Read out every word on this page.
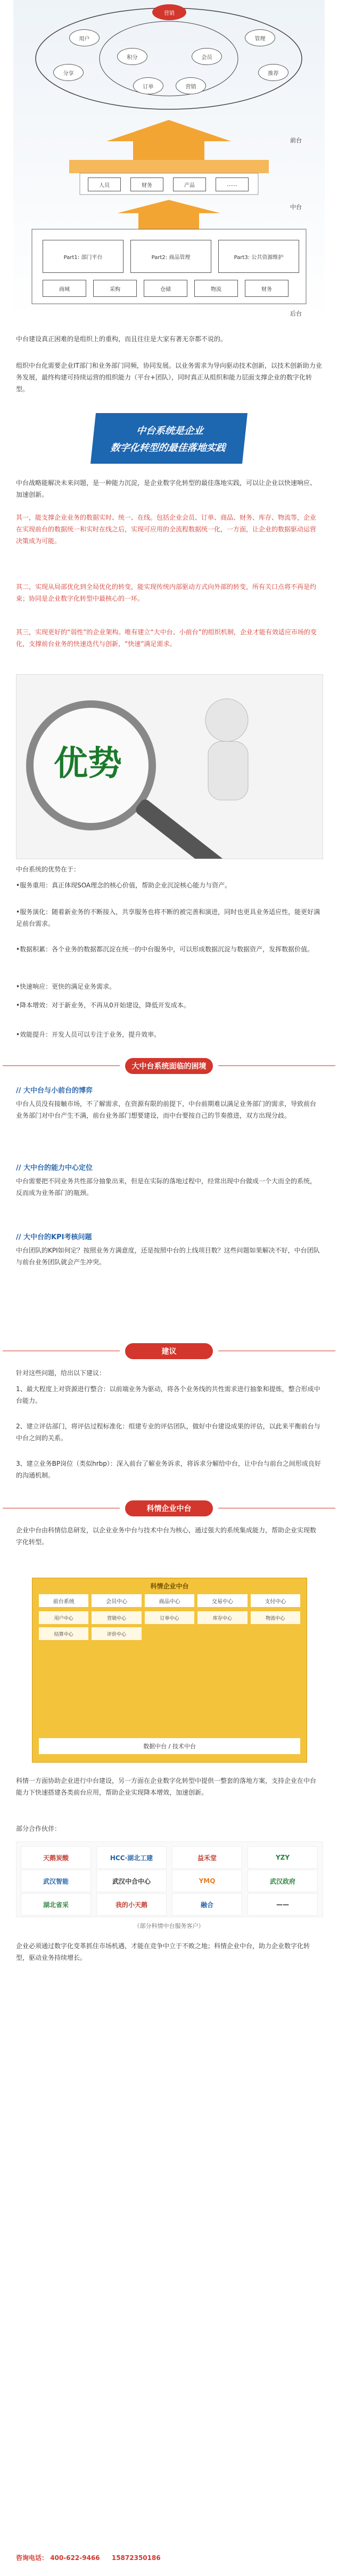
营销
用户	管理
分享	推荐
积分	会员
订单	营销
前台
人员	财务	产品	……
中台
Part1: 部门平台	Part2: 商品管理	Part3: 公共资源维护
商城	采购	仓储	物流	财务
后台

中台建设真正困难的是组织上的重构，而且往往是大家有著无奈都不说的。

组织中台化需要企业IT部门和业务部门同频，协同发展。以业务需求为导向驱动技术创新，以技术创新助力业务发展，最终构建可持续运营的组织能力（平台+团队），同时真正从组织和能力层面支撑企业的数字化转型。

中台系统是企业
数字化转型的最佳落地实践

中台战略能解决未来问题，是一种能力沉淀，是企业数字化转型的最佳落地实践，可以让企业以快速响应、加速创新。

其一，能支撑企业业务的数据实时、统一、在线。包括企业会员、订单、商品、财务、库存、物流等，企业在实现前台的数据统一和实时在线之后，实现可应用的全流程数据统一化，一方面，让企业的数据驱动运营决策成为可能。

其二，实现从局部优化到全局优化的转变，能实现传统内部驱动方式向外部的转变，所有关口点将不再是约束；协同是企业数字化转型中最核心的一环。

其三，实现更好的“弱性”的企业架构。唯有建立“大中台、小前台”的组织机制，企业才能有效适应市场的变化，支撑前台业务的快速迭代与创新，“快速”满足需求。

优势

中台系统的优势在于：

•服务重用：真正体现SOA理念的核心价值，帮助企业沉淀核心能力与资产。

•服务演化：随着新业务的不断接入，共享服务也将不断的被完善和演进，同时也更具业务适应性，能更好满足前台需求。

•数据积累：各个业务的数据都沉淀在统一的中台服务中，可以形成数据沉淀与数据资产，发挥数据价值。

•快速响应：更快的满足业务需求。

•降本增效：对于新业务，不再从0开始建设，降低开发成本。

•效能提升：开发人员可以专注于业务，提升效率。

大中台系统面临的困境
// 大中台与小前台的博弈

中台人员没有接触市场，不了解需求，在资源有限的前提下，中台前期难以满足业务部门的需求，导致前台业务部门对中台产生不满，前台业务部门想要建设，而中台要按自己的节奏推进，双方出现分歧。

// 大中台的能力中心定位

中台需要把不同业务共性部分抽象出来，但是在实际的落地过程中，经常出现中台做成一个大而全的系统，反而成为业务部门的瓶颈。

// 大中台的KPI考核问题

中台团队的KPI如何定？按照业务方满意度，还是按照中台的上线项目数？这些问题如果解决不好，中台团队与前台业务团队就会产生冲突。

建议

针对这些问题，给出以下建议：

1、最大程度上对资源进行整合：以前端业务为驱动，将各个业务线的共性需求进行抽象和提炼，整合形成中台能力。

2、建立评估部门，将评估过程标准化：组建专业的评估团队，做好中台建设成果的评估，以此来平衡前台与中台之间的关系。

3、建立业务BP岗位（类似hrbp）：深入前台了解业务诉求，将诉求分解给中台，让中台与前台之间形成良好的沟通机制。

科情企业中台

企业中台由科情信息研发，以企业业务中台与技术中台为核心，通过强大的系统集成能力，帮助企业实现数字化转型。

科情企业中台
前台系统	会员中心	商品中心	交易中心	支付中心
用户中心	营销中心	订单中心	库存中心	物流中心
结算中心	评价中心
数据中台 / 技术中台

科情一方面协助企业进行中台建设，另一方面在企业数字化转型中提供一整套的落地方案，支持企业在中台能力下快速搭建各类前台应用，帮助企业实现降本增效，加速创新。

部分合作伙伴：

天鹅炭酸	HCC·湖北工建	益禾堂	YZY
武汉智能	武汉中合中心	YMQ	武汉政府
湖北省采	我的小天鹅	融合	——
（部分科情中台服务客户）

企业必须通过数字化变革抓住市场机遇，才能在竞争中立于不败之地；科情企业中台，助力企业数字化转型，驱动业务持续增长。

咨询电话： 400-622-9466 15872350186
